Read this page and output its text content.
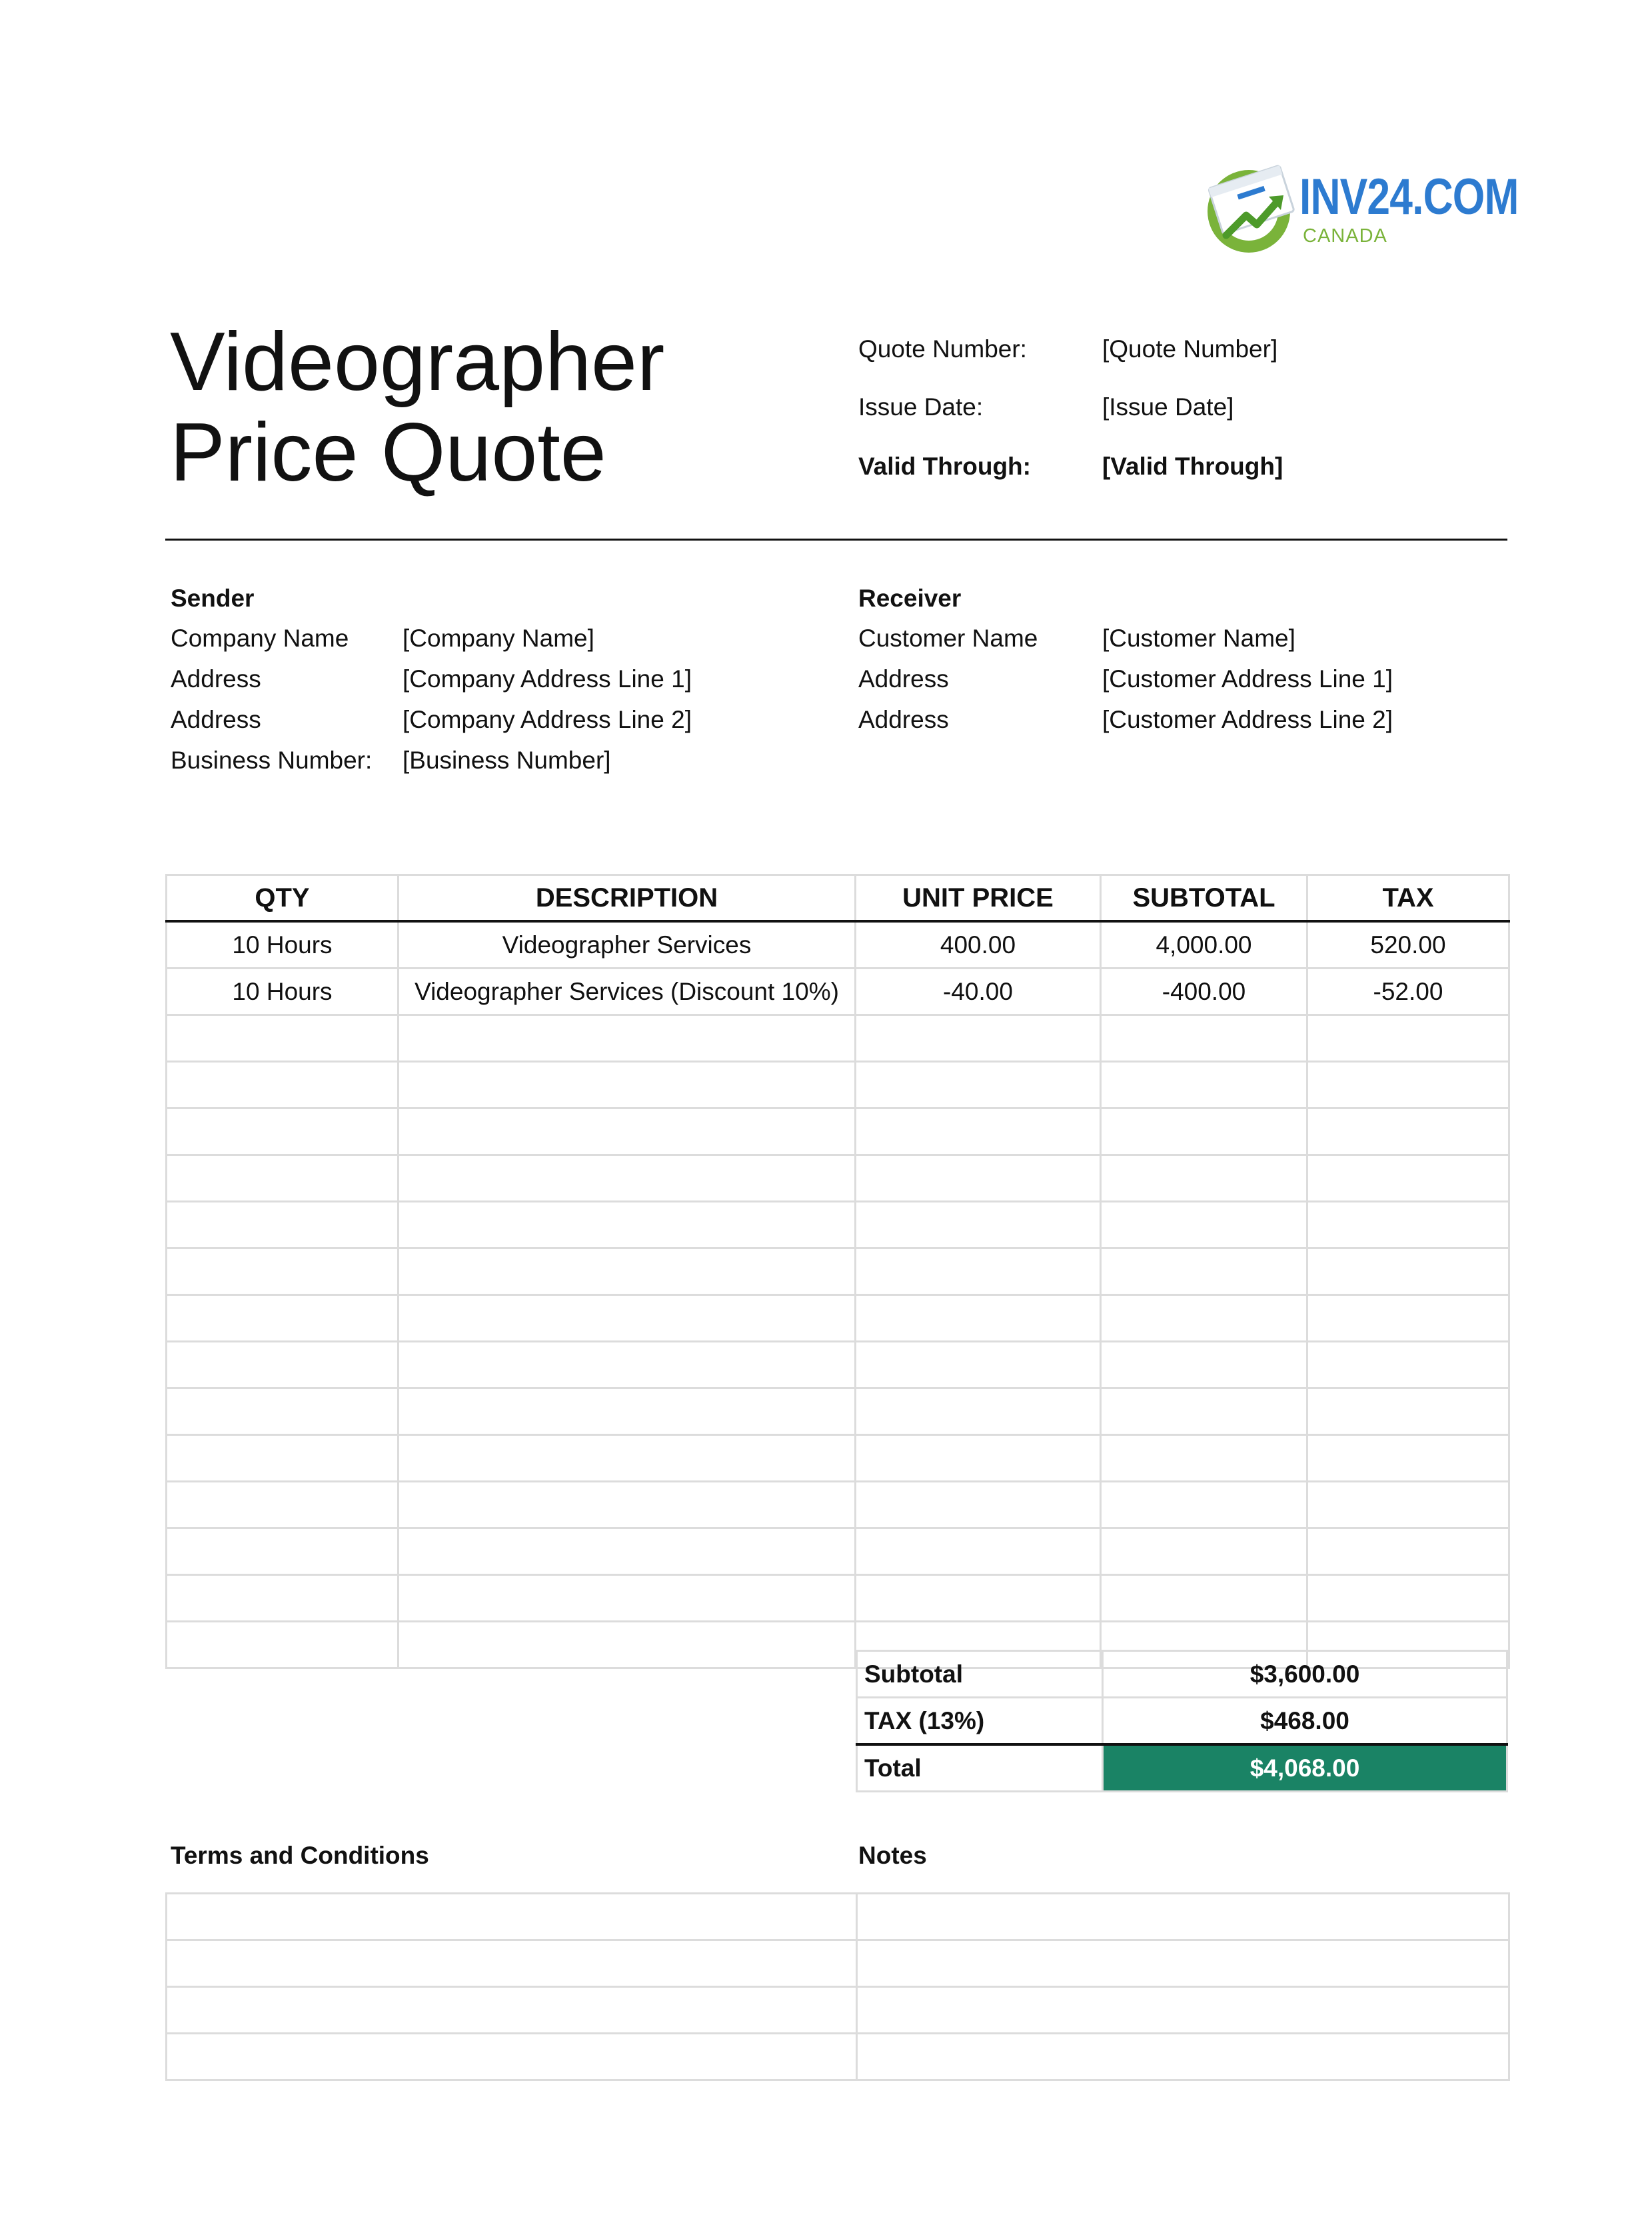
INV24.COM
CANADA
Videographer
Price Quote
Quote Number:	[Quote Number]
Issue Date:	[Issue Date]
Valid Through:	[Valid Through]
Sender
Company Name [Company Name]
Address	[Company Address Line 1]
Address	[Company Address Line 2]
Business Number: [Business Number]
Receiver
Customer Name	[Customer Name]
Address	[Customer Address Line 1]
Address	[Customer Address Line 2]
QTY	DESCRIPTION	UNIT PRICE	SUBTOTAL	TAX
10 Hours	Videographer Services	400.00	4,000.00	520.00
10 Hours	Videographer Services (Discount 10%)	-40.00	-400.00	-52.00

Subtotal	$3,600.00
TAX (13%)	$468.00
Total	$4,068.00
Terms and Conditions	Notes
